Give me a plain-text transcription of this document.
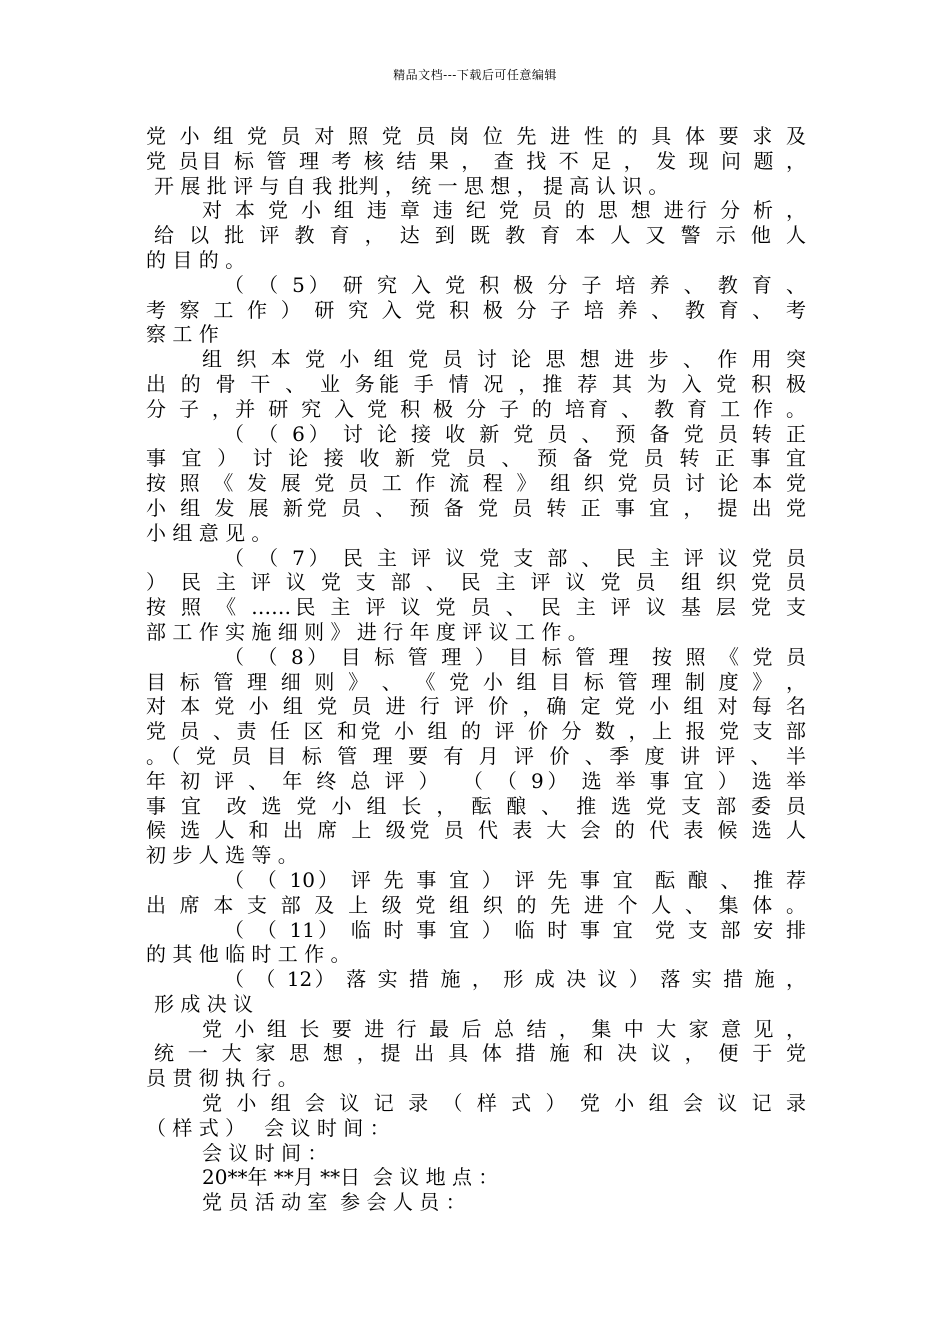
精品文档---下载后可任意编辑
党 小 组 党 员 对 照 党 员 岗 位 先 进 性 的 具 体 要 求 及
党 员目 标 管 理 考 核 结 果 ， 查 找 不 足 ， 发 现 问 题 ，
开 展 批 评 与 自 我 批判 ， 统 一 思 想 ， 提 高 认 识 。
对 本 党 小 组 违 章 违 纪 党 员 的 思 想 进行 分 析 ，
给 以 批 评 教 育 ， 达 到 既 教 育 本 人 又 警 示 他 人
的 目 的 。
（ （ 5） 研 究 入 党 积 极 分 子 培 养 、 教 育 、
考 察 工 作 ） 研 究 入 党 积 极 分 子 培 养 、 教 育 、 考
察 工 作
组 织 本 党 小 组 党 员 讨 论 思 想 进 步 、 作 用 突
出 的 骨 干 、 业 务能 手 情 况 ，推 荐 其 为 入 党 积 极
分 子 ，并 研 究 入 党 积 极 分 子 的 培育 、 教 育 工 作 。
（ （ 6） 讨 论 接 收 新 党 员 、 预 备 党 员 转 正
事 宜 ） 讨 论 接 收 新 党 员 、 预 备 党 员 转 正 事 宜
按 照 《 发 展 党 员 工 作 流 程 》 组 织 党 员 讨 论 本 党
小 组 发 展 新党 员 、 预 备 党 员 转 正 事 宜 ， 提 出 党
小 组 意 见 。
（ （ 7） 民 主 评 议 党 支 部 、 民 主 评 议 党 员
） 民 主 评 议 党 支 部 、 民 主 评 议 党 员  组 织 党 员
按 照 《 ……民 主 评 议 党 员 、 民 主 评 议 基 层 党 支
部 工 作 实 施 细 则 》 进 行 年 度 评 议 工 作 。
（ （ 8） 目 标 管 理 ） 目 标 管 理  按 照 《 党 员
目 标 管 理 细 则 》 、 《 党 小 组 目 标 管 理 制 度 》 ，
对 本 党 小 组 党 员 进 行 评 价 ，确 定 党 小 组 对 每 名
党 员 、责 任 区 和党 小 组 的 评 价 分 数 ，上 报 党 支 部
。（ 党 员 目 标 管 理 要 有 月 评 价 、季 度 讲 评 、 半
年 初 评 、 年 终 总 评 ）  （ （ 9） 选 举 事 宜 ） 选 举
事 宜  改 选 党 小 组 长 ， 酝 酿 、 推 选 党 支 部 委 员
候 选 人 和 出 席 上 级党 员 代 表 大 会 的 代 表 候 选 人
初 步 人 选 等 。
（ （ 10） 评 先 事 宜 ） 评 先 事 宜  酝 酿 、 推 荐
出 席 本 支 部 及 上 级 党 组 织 的 先 进 个 人 、 集 体 。
（ （ 11） 临 时 事 宜 ） 临 时 事 宜  党 支 部 安 排
的 其 他 临 时 工 作 。
（ （ 12） 落 实 措 施 ， 形 成 决 议 ） 落 实 措 施 ，
形 成 决 议
党 小 组 长 要 进 行 最 后 总 结 ， 集 中 大 家 意 见 ，
统 一 大 家 思 想 ，提 出 具 体 措 施 和 决 议 ， 便 于 党
员 贯 彻 执 行 。
党 小 组 会 议 记 录 （ 样 式 ） 党 小 组 会 议 记 录
（ 样 式 ）   会 议 时 间 ：
会 议 时 间 ：
20**年 **月 **日  会 议 地 点 ：
党 员 活 动 室  参 会 人 员 ：
